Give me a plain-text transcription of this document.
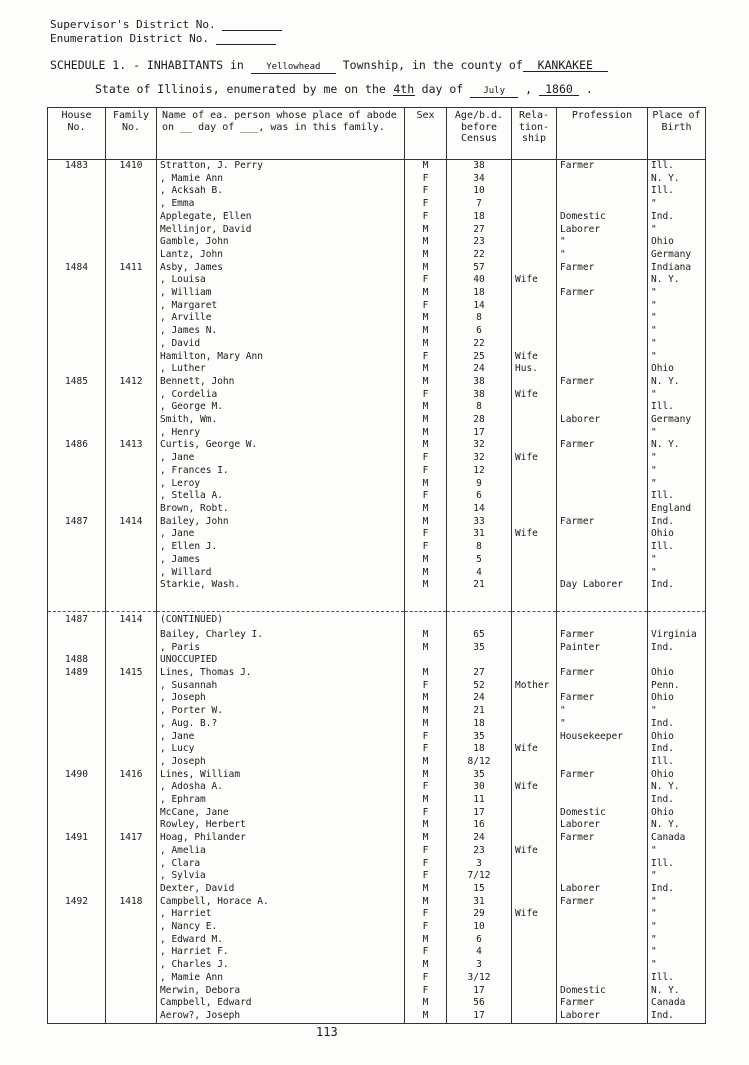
Supervisor's District No.
Enumeration District No.
SCHEDULE 1. - INHABITANTS in Yellowhead Township, in the county of KANKAKEE
State of Illinois, enumerated by me on the 4th day of July , 1860 .
House No.	Family No.	Name of ea. person whose place of abode on __ day of ___, was in this family.	Sex	Age/b.d. before Census	Rela- tion- ship	Profession	Place of Birth
1483	1410	Stratton, J. Perry	M	38		Farmer	Ill.
		, Mamie Ann	F	34			N. Y.
		, Acksah B.	F	10			Ill.
		, Emma	F	7			"
		Applegate, Ellen	F	18		Domestic	Ind.
		Mellinjor, David	M	27		Laborer	"
		Gamble, John	M	23		"	Ohio
		Lantz, John	M	22		"	Germany
1484	1411	Asby, James	M	57		Farmer	Indiana
		, Louisa	F	40	Wife		N. Y.
		, William	M	18		Farmer	"
		, Margaret	F	14			"
		, Arville	M	8			"
		, James N.	M	6			"
		, David	M	22			"
		Hamilton, Mary Ann	F	25	Wife		"
		, Luther	M	24	Hus.		Ohio
1485	1412	Bennett, John	M	38		Farmer	N. Y.
		, Cordelia	F	38	Wife		"
		, George M.	M	8			Ill.
		Smith, Wm.	M	28		Laborer	Germany
		, Henry	M	17			"
1486	1413	Curtis, George W.	M	32		Farmer	N. Y.
		, Jane	F	32	Wife		"
		, Frances I.	F	12			"
		, Leroy	M	9			"
		, Stella A.	F	6			Ill.
		Brown, Robt.	M	14			England
1487	1414	Bailey, John	M	33		Farmer	Ind.
		, Jane	F	31	Wife		Ohio
		, Ellen J.	F	8			Ill.
		, James	M	5			"
		, Willard	M	4			"
		Starkie, Wash.	M	21		Day Laborer	Ind.

1487	1414	(CONTINUED)					
		Bailey, Charley I.	M	65		Farmer	Virginia
		, Paris	M	35		Painter	Ind.
1488		UNOCCUPIED					
1489	1415	Lines, Thomas J.	M	27		Farmer	Ohio
		, Susannah	F	52	Mother		Penn.
		, Joseph	M	24		Farmer	Ohio
		, Porter W.	M	21		"	"
		, Aug. B.?	M	18		"	Ind.
		, Jane	F	35		Housekeeper	Ohio
		, Lucy	F	18	Wife		Ind.
		, Joseph	M	8/12			Ill.
1490	1416	Lines, William	M	35		Farmer	Ohio
		, Adosha A.	F	30	Wife		N. Y.
		, Ephram	M	11			Ind.
		McCane, Jane	F	17		Domestic	Ohio
		Rowley, Herbert	M	16		Laborer	N. Y.
1491	1417	Hoag, Philander	M	24		Farmer	Canada
		, Amelia	F	23	Wife		"
		, Clara	F	3			Ill.
		, Sylvia	F	7/12			"
		Dexter, David	M	15		Laborer	Ind.
1492	1418	Campbell, Horace A.	M	31		Farmer	"
		, Harriet	F	29	Wife		"
		, Nancy E.	F	10			"
		, Edward M.	M	6			"
		, Harriet F.	F	4			"
		, Charles J.	M	3			"
		, Mamie Ann	F	3/12			Ill.
		Merwin, Debora	F	17		Domestic	N. Y.
		Campbell, Edward	M	56		Farmer	Canada
		Aerow?, Joseph	M	17		Laborer	Ind.
113
